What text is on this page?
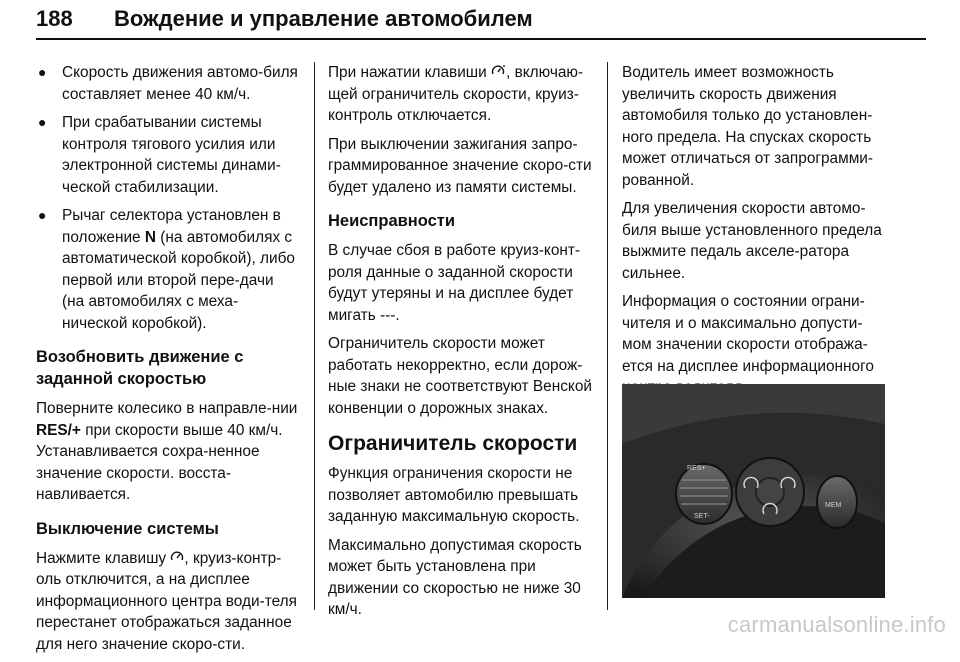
188 Вождение и управление автомобилем
● Скорость движения автомо-биля составляет менее 40 км/ч.
● При срабатывании системы контроля тягового усилия или электронной системы динами-ческой стабилизации.
● Рычаг селектора установлен в положение N (на автомобилях с автоматической коробкой), либо первой или второй пере-дачи (на автомобилях с меха-нической коробкой).
Возобновить движение с заданной скоростью

Поверните колесико в направле-нии RES/+ при скорости выше 40 км/ч. Устанавливается сохра-ненное значение скорости. восста-навливается.

Выключение системы

Нажмите клавишу , круиз-контр-оль отключится, а на дисплее информационного центра води-теля перестанет отображаться заданное для него значение скоро-сти.

При нажатии клавиши , включаю-щей ограничитель скорости, круиз-контроль отключается.

При выключении зажигания запро-граммированное значение скоро-сти будет удалено из памяти системы.

Неисправности

В случае сбоя в работе круиз-конт-роля данные о заданной скорости будут утеряны и на дисплее будет мигать ---.

Ограничитель скорости может работать некорректно, если дорож-ные знаки не соответствуют Венской конвенции о дорожных знаках.

Ограничитель скорости

Функция ограничения скорости не позволяет автомобилю превышать заданную максимальную скорость.

Максимально допустимая скорость может быть установлена при движении со скоростью не ниже 30 км/ч.

Водитель имеет возможность увеличить скорость движения автомобиля только до установлен-ного предела. На спусках скорость может отличаться от запрограмми-рованной.

Для увеличения скорости автомо-биля выше установленного предела выжмите педаль акселе-ратора сильнее.

Информация о состоянии ограни-чителя и о максимально допусти-мом значении скорости отобража-ется на дисплее информационного

RES+
SET-
MEM
carmanualsonline.info
